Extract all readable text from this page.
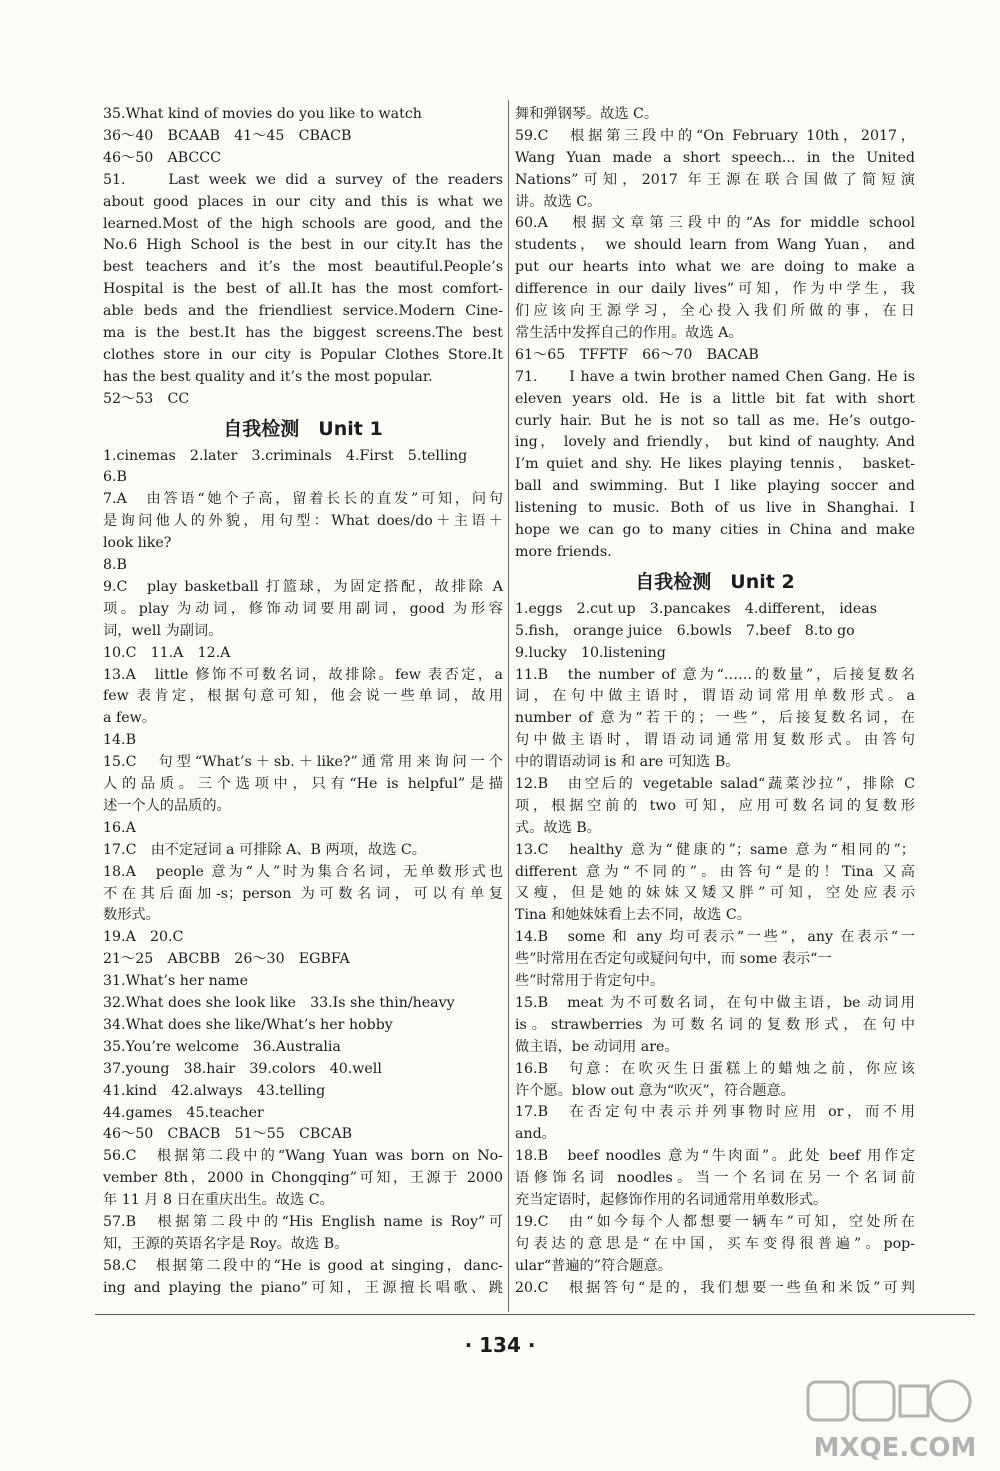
35.What kind of movies do you like to watch
36～40　BCAAB　41～45　CBACB
46～50　ABCCC
51.　　Last week we did a survey of the readers
about good places in our city and this is what we
learned.Most of the high schools are good, and the
No.6 High School is the best in our city.It has the
best teachers and it’s the most beautiful.People’s
Hospital is the best of all.It has the most comfort-
able beds and the friendliest service.Modern Cine-
ma is the best.It has the biggest screens.The best
clothes store in our city is Popular Clothes Store.It
has the best quality and it’s the most popular.
52～53　CC
自我检测　Unit 1
1.cinemas　2.later　3.criminals　4.First　5.telling
6.B
7.A　由答语“她个子高，留着长长的直发”可知，问句
是询问他人的外貌，用句型：What does/do＋主语＋
look like?
8.B
9.C　play basketball 打篮球，为固定搭配，故排除 A
项。play 为动词，修饰动词要用副词，good 为形容
词，well 为副词。
10.C　11.A　12.A
13.A　little 修饰不可数名词，故排除。few 表否定，a
few 表肯定，根据句意可知，他会说一些单词，故用
a few。
14.B
15.C　句型“What’s＋sb.＋like?”通常用来询问一个
人的品质。三个选项中，只有“He is helpful”是描
述一个人的品质的。
16.A
17.C　由不定冠词 a 可排除 A、B 两项，故选 C。
18.A　people 意为“人”时为集合名词，无单数形式也
不在其后面加-s；person 为可数名词，可以有单复
数形式。
19.A　20.C
21～25　ABCBB　26～30　EGBFA
31.What’s her name
32.What does she look like　33.Is she thin/heavy
34.What does she like/What’s her hobby
35.You’re welcome　36.Australia
37.young　38.hair　39.colors　40.well
41.kind　42.always　43.telling
44.games　45.teacher
46～50　CBACB　51～55　CBCAB
56.C　根据第二段中的“Wang Yuan was born on No-
vember 8th，2000 in Chongqing”可知，王源于 2000
年 11 月 8 日在重庆出生。故选 C。
57.B　根据第二段中的“His English name is Roy”可
知，王源的英语名字是 Roy。故选 B。
58.C　根据第二段中的“He is good at singing，danc-
ing and playing the piano”可知，王源擅长唱歌、跳
舞和弹钢琴。故选 C。
59.C　根据第三段中的“On February 10th，2017，
Wang Yuan made a short speech... in the United
Nations”可知，2017 年王源在联合国做了简短演
讲。故选 C。
60.A　根据文章第三段中的“As for middle school
students， we should learn from Wang Yuan， and
put our hearts into what we are doing to make a
difference in our daily lives”可知，作为中学生，我
们应该向王源学习，全心投入我们所做的事，在日
常生活中发挥自己的作用。故选 A。
61～65　TFFTF　66～70　BACAB
71.　　I have a twin brother named Chen Gang. He is
eleven years old. He is a little bit fat with short
curly hair. But he is not so tall as me. He’s outgo-
ing， lovely and friendly， but kind of naughty. And
I’m quiet and shy. He likes playing tennis， basket-
ball and swimming. But I like playing soccer and
listening to music. Both of us live in Shanghai. I
hope we can go to many cities in China and make
more friends.
自我检测　Unit 2
1.eggs　2.cut up　3.pancakes　4.different， ideas
5.fish， orange juice　6.bowls　7.beef　8.to go
9.lucky　10.listening
11.B　the number of 意为“……的数量”，后接复数名
词，在句中做主语时，谓语动词常用单数形式。a
number of 意为“若干的；一些”，后接复数名词，在
句中做主语时，谓语动词通常用复数形式。由答句
中的谓语动词 is 和 are 可知选 B。
12.B　由空后的 vegetable salad“蔬菜沙拉”，排除 C
项，根据空前的 two 可知，应用可数名词的复数形
式。故选 B。
13.C　healthy 意为“健康的”；same 意为“相同的”；
different 意为“不同的”。由答句“是的！Tina 又高
又瘦，但是她的妹妹又矮又胖”可知，空处应表示
Tina 和她妹妹看上去不同，故选 C。
14.B　some 和 any 均可表示“一些”，any 在表示“一
些”时常用在否定句或疑问句中，而 some 表示“一
些”时常用于肯定句中。
15.B　meat 为不可数名词，在句中做主语，be 动词用
is。strawberries 为可数名词的复数形式，在句中
做主语，be 动词用 are。
16.B　句意：在吹灭生日蛋糕上的蜡烛之前，你应该
许个愿。blow out 意为“吹灭”，符合题意。
17.B　在否定句中表示并列事物时应用 or，而不用
and。
18.B　beef noodles 意为“牛肉面”。此处 beef 用作定
语修饰名词 noodles。当一个名词在另一个名词前
充当定语时，起修饰作用的名词通常用单数形式。
19.C　由“如今每个人都想要一辆车”可知，空处所在
句表达的意思是“在中国，买车变得很普遍”。pop-
ular“普遍的”符合题意。
20.C　根据答句“是的，我们想要一些鱼和米饭”可判
· 134 ·
MXQE.COM
